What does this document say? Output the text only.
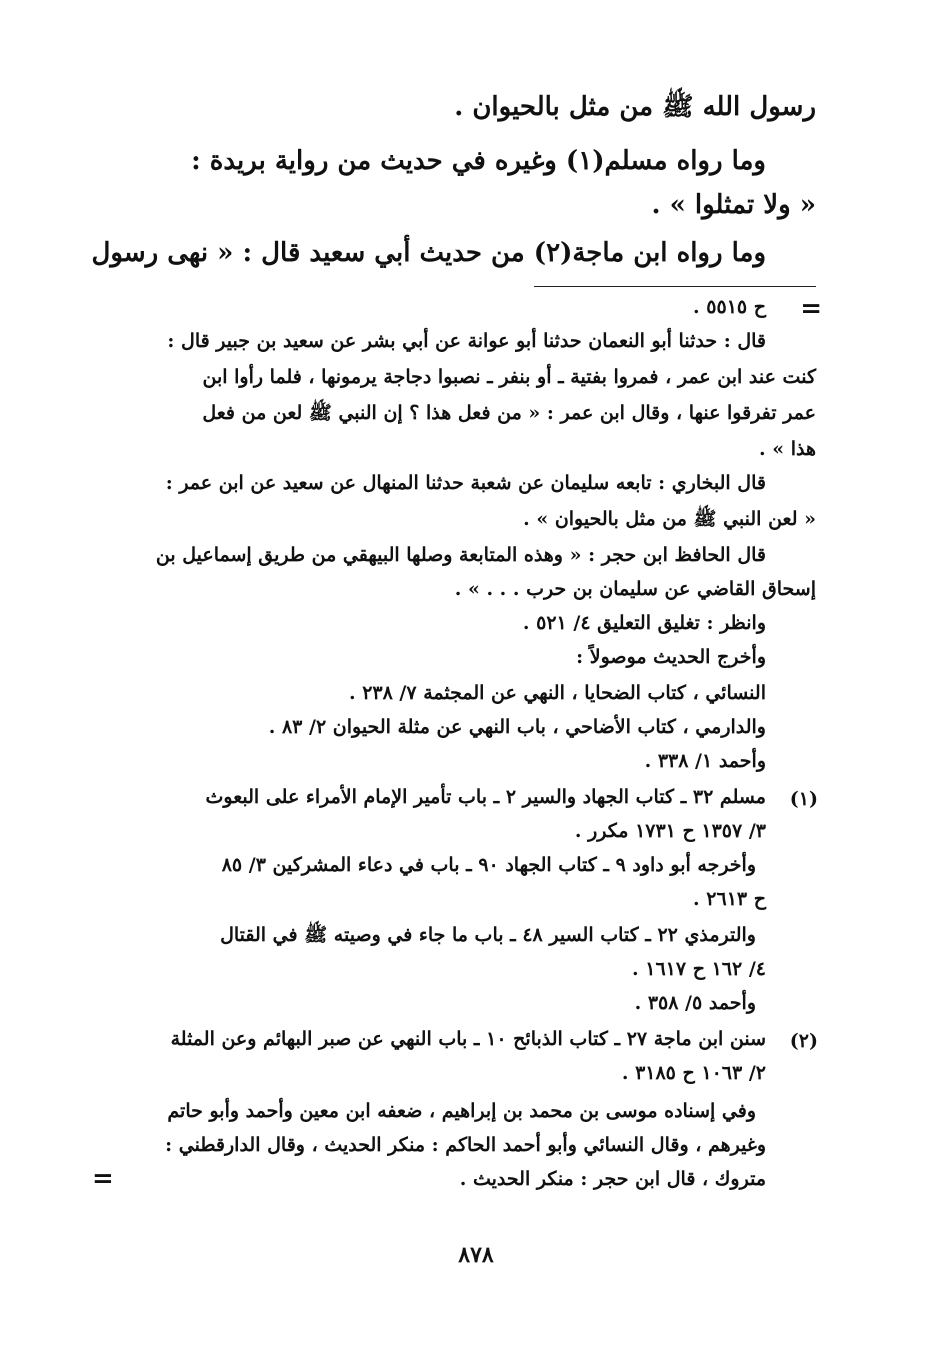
رسول الله ﷺ من مثل بالحيوان .
وما رواه مسلم(١) وغيره في حديث من رواية بريدة :
« ولا تمثلوا » .
وما رواه ابن ماجة(٢) من حديث أبي سعيد قال : « نهى رسول
=
ح ٥٥١٥ .
قال : حدثنا أبو النعمان حدثنا أبو عوانة عن أبي بشر عن سعيد بن جبير قال :
كنت عند ابن عمر ، فمروا بفتية ـ أو بنفر ـ نصبوا دجاجة يرمونها ، فلما رأوا ابن
عمر تفرقوا عنها ، وقال ابن عمر : « من فعل هذا ؟ إن النبي ﷺ لعن من فعل
هذا » .
قال البخاري : تابعه سليمان عن شعبة حدثنا المنهال عن سعيد عن ابن عمر :
« لعن النبي ﷺ من مثل بالحيوان » .
قال الحافظ ابن حجر : « وهذه المتابعة وصلها البيهقي من طريق إسماعيل بن
إسحاق القاضي عن سليمان بن حرب . . . » .
وانظر : تغليق التعليق ٤/ ٥٢١ .
وأخرج الحديث موصولاً :
النسائي ، كتاب الضحايا ، النهي عن المجثمة ٧/ ٢٣٨ .
والدارمي ، كتاب الأضاحي ، باب النهي عن مثلة الحيوان ٢/ ٨٣ .
وأحمد ١/ ٣٣٨ .
(١)
مسلم ٣٢ ـ كتاب الجهاد والسير ٢ ـ باب تأمير الإمام الأمراء على البعوث
٣/ ١٣٥٧ ح ١٧٣١ مكرر .
وأخرجه أبو داود ٩ ـ كتاب الجهاد ٩٠ ـ باب في دعاء المشركين ٣/ ٨٥
ح ٢٦١٣ .
والترمذي ٢٢ ـ كتاب السير ٤٨ ـ باب ما جاء في وصيته ﷺ في القتال
٤/ ١٦٢ ح ١٦١٧ .
وأحمد ٥/ ٣٥٨ .
(٢)
سنن ابن ماجة ٢٧ ـ كتاب الذبائح ١٠ ـ باب النهي عن صبر البهائم وعن المثلة
٢/ ١٠٦٣ ح ٣١٨٥ .
وفي إسناده موسى بن محمد بن إبراهيم ، ضعفه ابن معين وأحمد وأبو حاتم
وغيرهم ، وقال النسائي وأبو أحمد الحاكم : منكر الحديث ، وقال الدارقطني :
متروك ، قال ابن حجر : منكر الحديث .
=
٨٧٨
